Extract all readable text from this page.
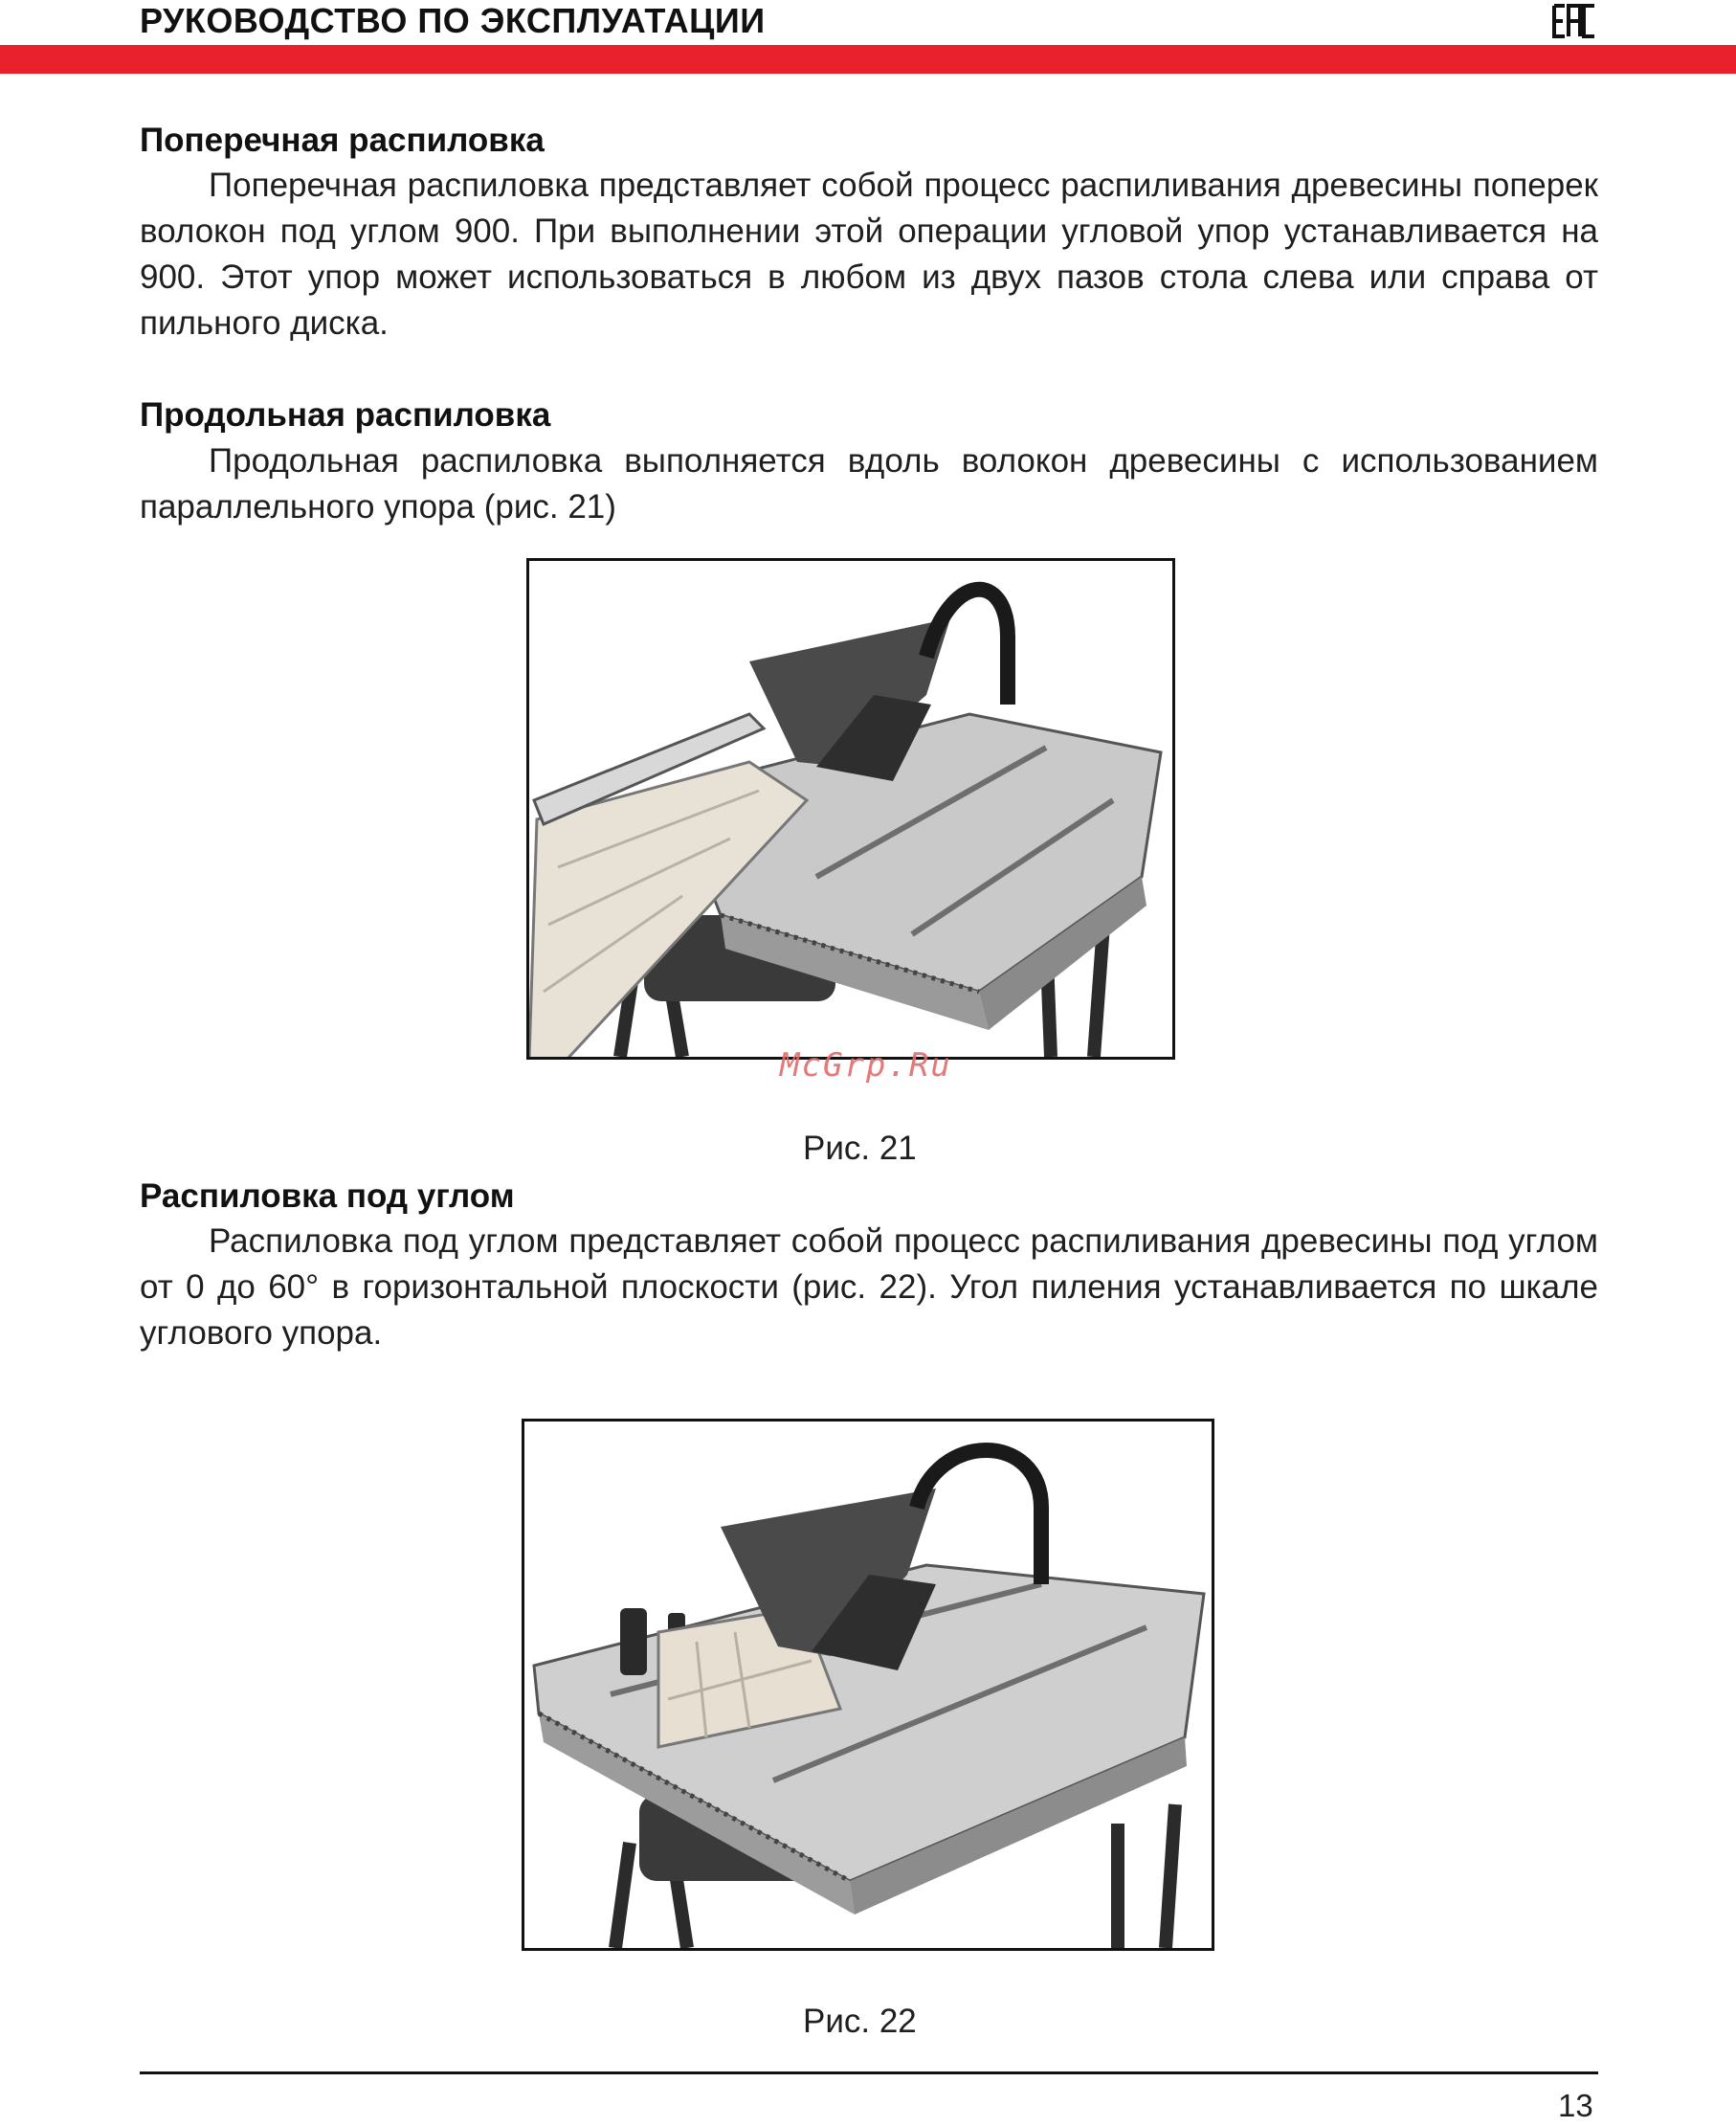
РУКОВОДСТВО ПО ЭКСПЛУАТАЦИИ
Поперечная распиловка

Поперечная распиловка представляет собой процесс распиливания древесины поперек волокон под углом 900. При выполнении этой операции угловой упор устанавливается на 900. Этот упор может использоваться в любом из двух пазов стола слева или справа от пильного диска.

Продольная распиловка

Продольная распиловка выполняется вдоль волокон древесины с использованием параллельного упора (рис. 21)

McGrp.Ru
Рис. 21
Распиловка под углом

Распиловка под углом представляет собой процесс распиливания древесины под углом от 0 до 60° в горизонтальной плоскости (рис. 22). Угол пиления устанавливается по шкале углового упора.

Рис. 22
13
